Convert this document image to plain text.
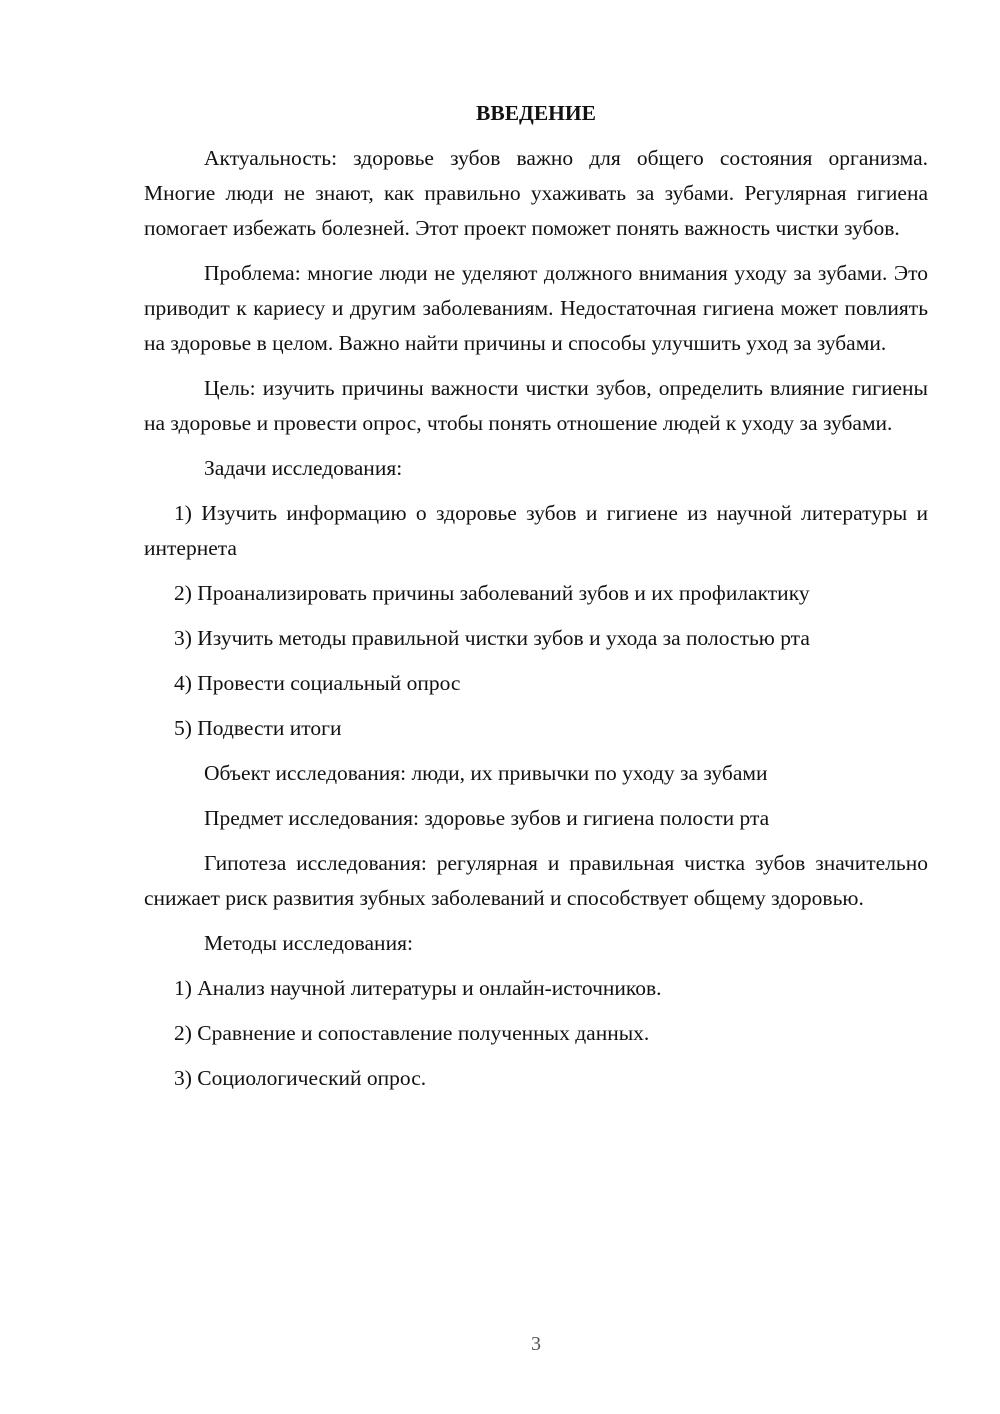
ВВЕДЕНИЕ

Актуальность: здоровье зубов важно для общего состояния организма. Многие люди не знают, как правильно ухаживать за зубами. Регулярная гигиена помогает избежать болезней. Этот проект поможет понять важность чистки зубов.

Проблема: многие люди не уделяют должного внимания уходу за зубами. Это приводит к кариесу и другим заболеваниям. Недостаточная гигиена может повлиять на здоровье в целом. Важно найти причины и способы улучшить уход за зубами.

Цель: изучить причины важности чистки зубов, определить влияние гигиены на здоровье и провести опрос, чтобы понять отношение людей к уходу за зубами.

Задачи исследования:

1) Изучить информацию о здоровье зубов и гигиене из научной литературы и интернета

2) Проанализировать причины заболеваний зубов и их профилактику

3) Изучить методы правильной чистки зубов и ухода за полостью рта

4) Провести социальный опрос

5) Подвести итоги

Объект исследования: люди, их привычки по уходу за зубами

Предмет исследования: здоровье зубов и гигиена полости рта

Гипотеза исследования: регулярная и правильная чистка зубов значительно снижает риск развития зубных заболеваний и способствует общему здоровью.

Методы исследования:

1) Анализ научной литературы и онлайн-источников.

2) Сравнение и сопоставление полученных данных.

3) Социологический опрос.

3
